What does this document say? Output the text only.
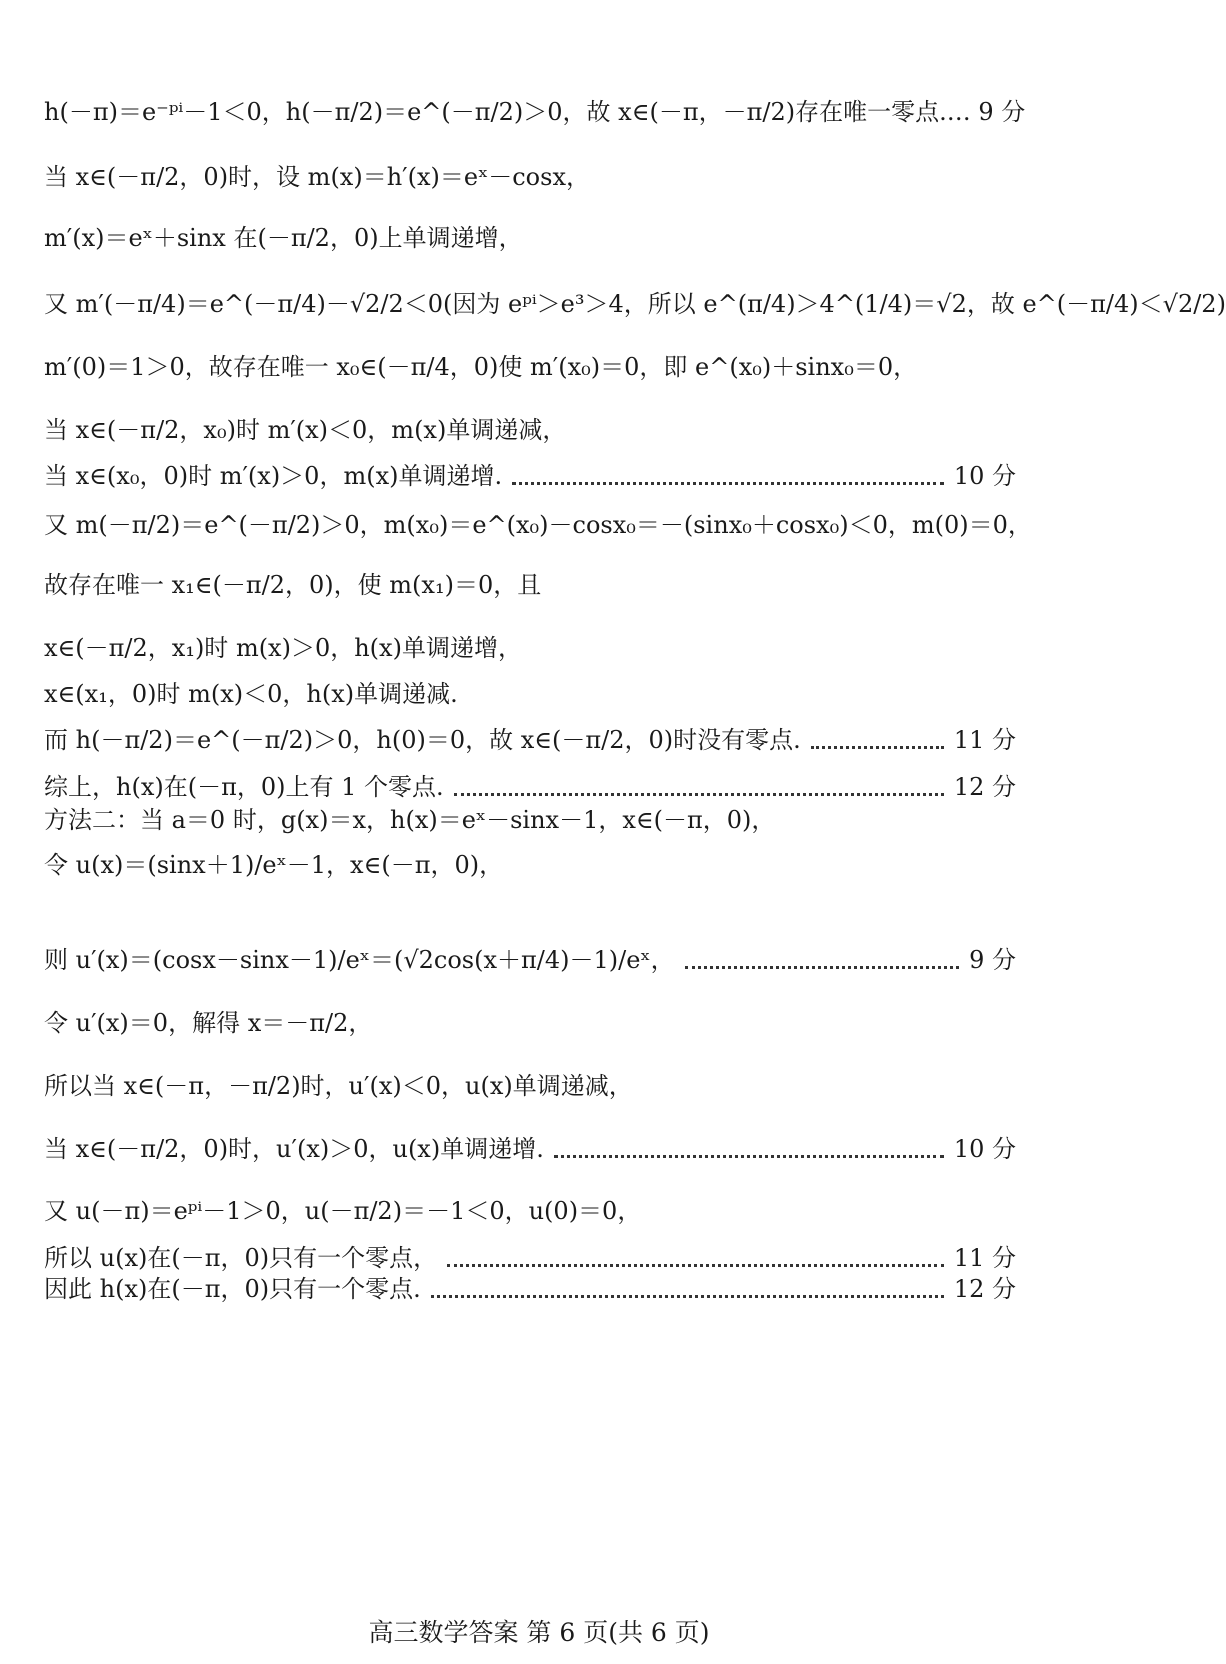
h(－π)＝e⁻ᵖⁱ－1＜0，h(－π/2)＝e^(－π/2)＞0，故 x∈(－π，－π/2)存在唯一零点. … 9 分
当 x∈(－π/2，0)时，设 m(x)＝h′(x)＝eˣ－cosx，
m′(x)＝eˣ＋sinx 在(－π/2，0)上单调递增，
又 m′(－π/4)＝e^(－π/4)－√2/2＜0(因为 eᵖⁱ＞e³＞4，所以 e^(π/4)＞4^(1/4)＝√2，故 e^(－π/4)＜√2/2)
m′(0)＝1＞0，故存在唯一 x₀∈(－π/4，0)使 m′(x₀)＝0，即 e^(x₀)＋sinx₀＝0，
当 x∈(－π/2，x₀)时 m′(x)＜0，m(x)单调递减，
当 x∈(x₀，0)时 m′(x)＞0，m(x)单调递增.	10 分
又 m(－π/2)＝e^(－π/2)＞0，m(x₀)＝e^(x₀)－cosx₀＝－(sinx₀＋cosx₀)＜0，m(0)＝0，
故存在唯一 x₁∈(－π/2，0)，使 m(x₁)＝0，且
x∈(－π/2，x₁)时 m(x)＞0，h(x)单调递增，
x∈(x₁，0)时 m(x)＜0，h(x)单调递减.
而 h(－π/2)＝e^(－π/2)＞0，h(0)＝0，故 x∈(－π/2，0)时没有零点.	11 分
综上，h(x)在(－π，0)上有 1 个零点.	12 分
方法二：当 a＝0 时，g(x)＝x，h(x)＝eˣ－sinx－1，x∈(－π，0)，
令 u(x)＝(sinx＋1)/eˣ－1，x∈(－π，0)，
则 u′(x)＝(cosx－sinx－1)/eˣ＝(√2cos(x＋π/4)－1)/eˣ，	9 分
令 u′(x)＝0，解得 x＝－π/2，
所以当 x∈(－π，－π/2)时，u′(x)＜0，u(x)单调递减，
当 x∈(－π/2，0)时，u′(x)＞0，u(x)单调递增.	10 分
又 u(－π)＝eᵖⁱ－1＞0，u(－π/2)＝－1＜0，u(0)＝0，
所以 u(x)在(－π，0)只有一个零点，	11 分
因此 h(x)在(－π，0)只有一个零点.	12 分
高三数学答案 第 6 页(共 6 页)
